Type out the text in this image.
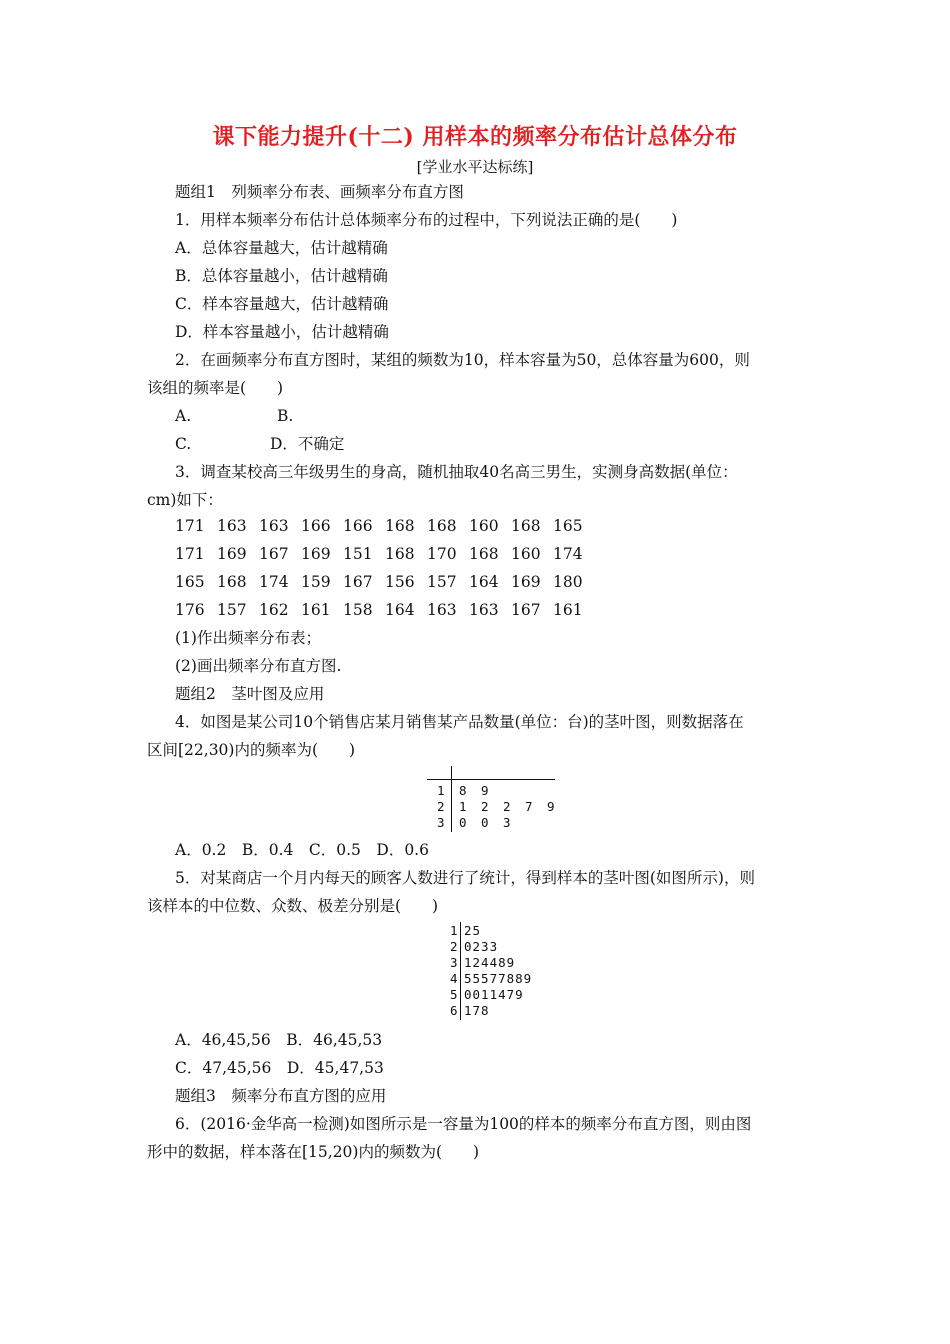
课下能力提升(十二) 用样本的频率分布估计总体分布
[学业水平达标练]
题组1　列频率分布表、画频率分布直方图
1．用样本频率分布估计总体频率分布的过程中，下列说法正确的是(　　)
A．总体容量越大，估计越精确
B．总体容量越小，估计越精确
C．样本容量越大，估计越精确
D．样本容量越小，估计越精确
2．在画频率分布直方图时，某组的频数为10，样本容量为50，总体容量为600，则
该组的频率是(　　)
A.	B.
C.	D．不确定
3．调查某校高三年级男生的身高，随机抽取40名高三男生，实测身高数据(单位：
cm)如下：
171 163 163 166 166 168 168 160 168 165
171 169 167 169 151 168 170 168 160 174
165 168 174 159 167 156 157 164 169 180
176 157 162 161 158 164 163 163 167 161
(1)作出频率分布表；
(2)画出频率分布直方图.
题组2　茎叶图及应用
4．如图是某公司10个销售店某月销售某产品数量(单位：台)的茎叶图，则数据落在
区间[22,30)内的频率为(　　)
1
2
3
8 9
1 2 2 7 9
0 0 3
A．0.2　B．0.4　C．0.5　D．0.6
5．对某商店一个月内每天的顾客人数进行了统计，得到样本的茎叶图(如图所示)，则
该样本的中位数、众数、极差分别是(　　)
1
2
3
4
5
6
25
0233
124489
55577889
0011479
178
A．46,45,56　B．46,45,53
C．47,45,56　D．45,47,53
题组3　频率分布直方图的应用
6．(2016·金华高一检测)如图所示是一容量为100的样本的频率分布直方图，则由图
形中的数据，样本落在[15,20)内的频数为(　　)
